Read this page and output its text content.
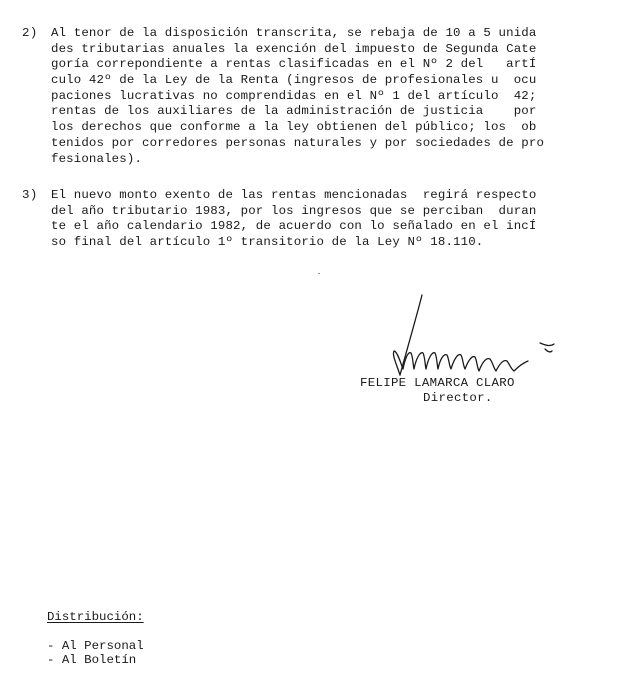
2)	Al tenor de la disposición transcrita, se rebaja de 10 a 5 unida
des tributarias anuales la exención del impuesto de Segunda Cate
goría correpondiente a rentas clasificadas en el Nº 2 del   artÍ
culo 42º de la Ley de la Renta (ingresos de profesionales u  ocu
paciones lucrativas no comprendidas en el Nº 1 del artículo  42;
rentas de los auxiliares de la administración de justicia    por
los derechos que conforme a la ley obtienen del público; los  ob
tenidos por corredores personas naturales y por sociedades de pro
fesionales).
3)	El nuevo monto exento de las rentas mencionadas  regirá respecto
del año tributario 1983, por los ingresos que se perciban  duran
te el año calendario 1982, de acuerdo con lo señalado en el incÍ
so final del artículo 1º transitorio de la Ley Nº 18.110.
FELIPE LAMARCA CLARO
Director.
Distribución:
- Al Personal
- Al Boletín
